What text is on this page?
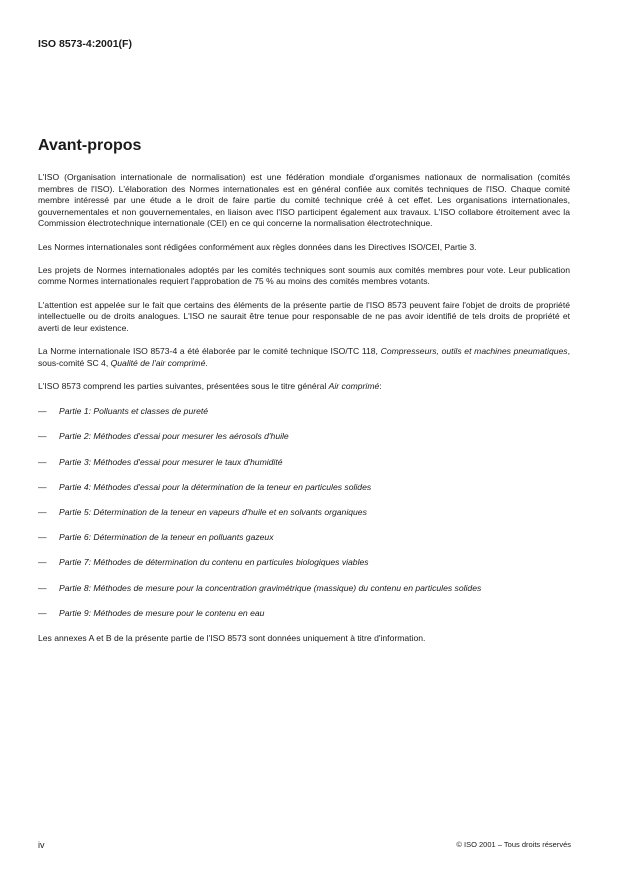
ISO 8573-4:2001(F)
Avant-propos

L'ISO (Organisation internationale de normalisation) est une fédération mondiale d'organismes nationaux de normalisation (comités membres de l'ISO). L'élaboration des Normes internationales est en général confiée aux comités techniques de l'ISO. Chaque comité membre intéressé par une étude a le droit de faire partie du comité technique créé à cet effet. Les organisations internationales, gouvernementales et non gouvernementales, en liaison avec l'ISO participent également aux travaux. L'ISO collabore étroitement avec la Commission électrotechnique internationale (CEI) en ce qui concerne la normalisation électrotechnique.

Les Normes internationales sont rédigées conformément aux règles données dans les Directives ISO/CEI, Partie 3.

Les projets de Normes internationales adoptés par les comités techniques sont soumis aux comités membres pour vote. Leur publication comme Normes internationales requiert l'approbation de 75 % au moins des comités membres votants.

L'attention est appelée sur le fait que certains des éléments de la présente partie de l'ISO 8573 peuvent faire l'objet de droits de propriété intellectuelle ou de droits analogues. L'ISO ne saurait être tenue pour responsable de ne pas avoir identifié de tels droits de propriété et averti de leur existence.

La Norme internationale ISO 8573-4 a été élaborée par le comité technique ISO/TC 118, Compresseurs, outils et machines pneumatiques, sous-comité SC 4, Qualité de l'air comprimé.

L'ISO 8573 comprend les parties suivantes, présentées sous le titre général Air comprimé:

—	Partie 1: Polluants et classes de pureté
—	Partie 2: Méthodes d'essai pour mesurer les aérosols d'huile
—	Partie 3: Méthodes d'essai pour mesurer le taux d'humidité
—	Partie 4: Méthodes d'essai pour la détermination de la teneur en particules solides
—	Partie 5: Détermination de la teneur en vapeurs d'huile et en solvants organiques
—	Partie 6: Détermination de la teneur en polluants gazeux
—	Partie 7: Méthodes de détermination du contenu en particules biologiques viables
—	Partie 8: Méthodes de mesure pour la concentration gravimétrique (massique) du contenu en particules solides
—	Partie 9: Méthodes de mesure pour le contenu en eau

Les annexes A et B de la présente partie de l'ISO 8573 sont données uniquement à titre d'information.

iv	© ISO 2001 – Tous droits réservés
